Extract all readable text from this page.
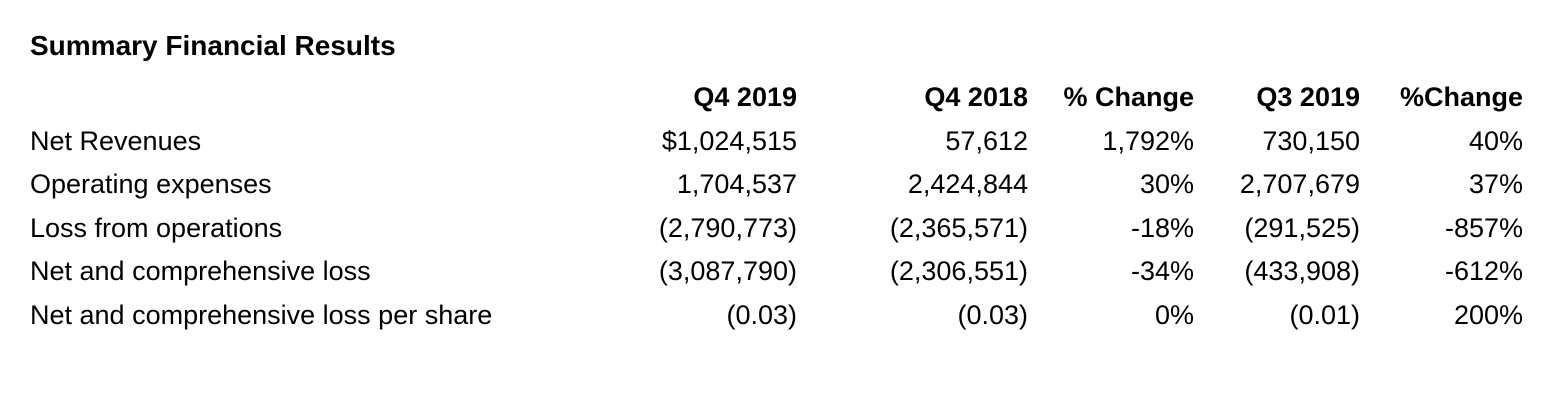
Summary Financial Results
	Q4 2019	Q4 2018	% Change	Q3 2019	%Change
Net Revenues	$1,024,515	57,612	1,792%	730,150	40%
Operating expenses	1,704,537	2,424,844	30%	2,707,679	37%
Loss from operations	(2,790,773)	(2,365,571)	-18%	(291,525)	-857%
Net and comprehensive loss	(3,087,790)	(2,306,551)	-34%	(433,908)	-612%
Net and comprehensive loss per share	(0.03)	(0.03)	0%	(0.01)	200%
